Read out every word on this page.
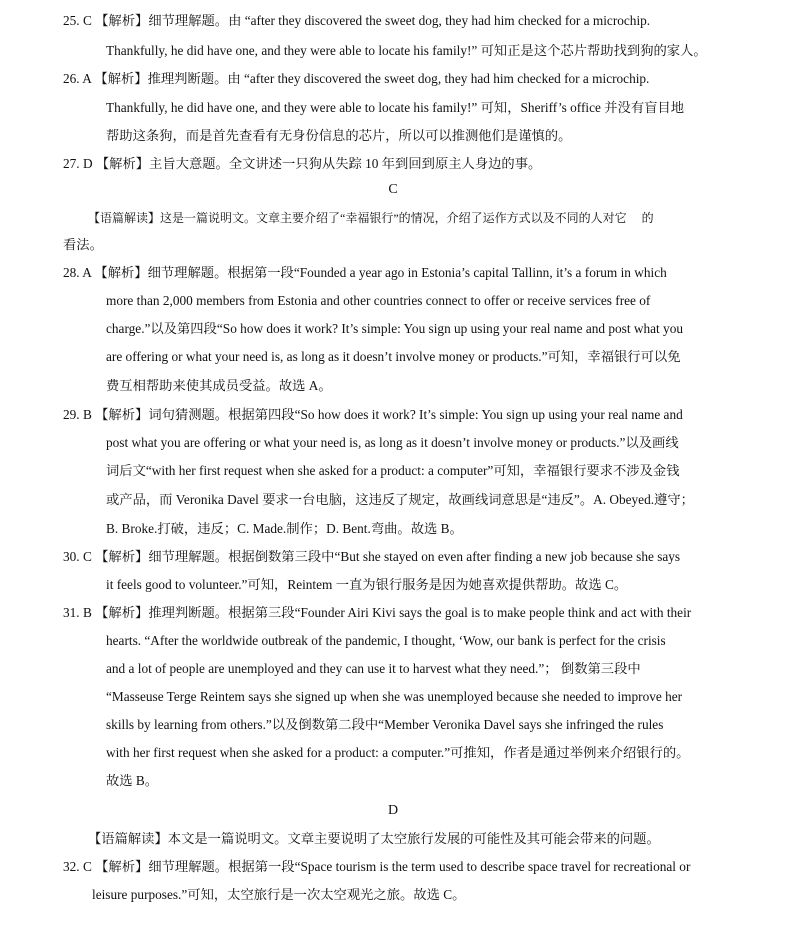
25. C 【解析】细节理解题。由 “after they discovered the sweet dog, they had him checked for a microchip.
Thankfully, he did have one, and they were able to locate his family!” 可知正是这个芯片帮助找到狗的家人。
26. A 【解析】推理判断题。由 “after they discovered the sweet dog, they had him checked for a microchip.
Thankfully, he did have one, and they were able to locate his family!” 可知，Sheriff’s office 并没有盲目地
帮助这条狗，而是首先查看有无身份信息的芯片，所以可以推测他们是谨慎的。
27. D 【解析】主旨大意题。全文讲述一只狗从失踪 10 年到回到原主人身边的事。
C
【语篇解读】这是一篇说明文。文章主要介绍了“幸福银行”的情况，介绍了运作方式以及不同的人对它　 的
看法。
28. A 【解析】细节理解题。根据第一段“Founded a year ago in Estonia’s capital Tallinn, it’s a forum in which
more than 2,000 members from Estonia and other countries connect to offer or receive services free of
charge.”以及第四段“So how does it work? It’s simple: You sign up using your real name and post what you
are offering or what your need is, as long as it doesn’t involve money or products.”可知，幸福银行可以免
费互相帮助来使其成员受益。故选 A。
29. B 【解析】词句猜测题。根据第四段“So how does it work? It’s simple: You sign up using your real name and
post what you are offering or what your need is, as long as it doesn’t involve money or products.”以及画线
词后文“with her first request when she asked for a product: a computer”可知，幸福银行要求不涉及金钱
或产品，而 Veronika Davel 要求一台电脑，这违反了规定，故画线词意思是“违反”。A. Obeyed.遵守；
B. Broke.打破，违反；C. Made.制作；D. Bent.弯曲。故选 B。
30. C 【解析】细节理解题。根据倒数第三段中“But she stayed on even after finding a new job because she says
it feels good to volunteer.”可知，Reintem 一直为银行服务是因为她喜欢提供帮助。故选 C。
31. B 【解析】推理判断题。根据第三段“Founder Airi Kivi says the goal is to make people think and act with their
hearts. “After the worldwide outbreak of the pandemic, I thought, ‘Wow, our bank is perfect for the crisis
and a lot of people are unemployed and they can use it to harvest what they need.”； 倒数第三段中
“Masseuse Terge Reintem says she signed up when she was unemployed because she needed to improve her
skills by learning from others.”以及倒数第二段中“Member Veronika Davel says she infringed the rules
with her first request when she asked for a product: a computer.”可推知，作者是通过举例来介绍银行的。
故选 B。
D
【语篇解读】本文是一篇说明文。文章主要说明了太空旅行发展的可能性及其可能会带来的问题。
32. C 【解析】细节理解题。根据第一段“Space tourism is the term used to describe space travel for recreational or
leisure purposes.”可知，太空旅行是一次太空观光之旅。故选 C。
